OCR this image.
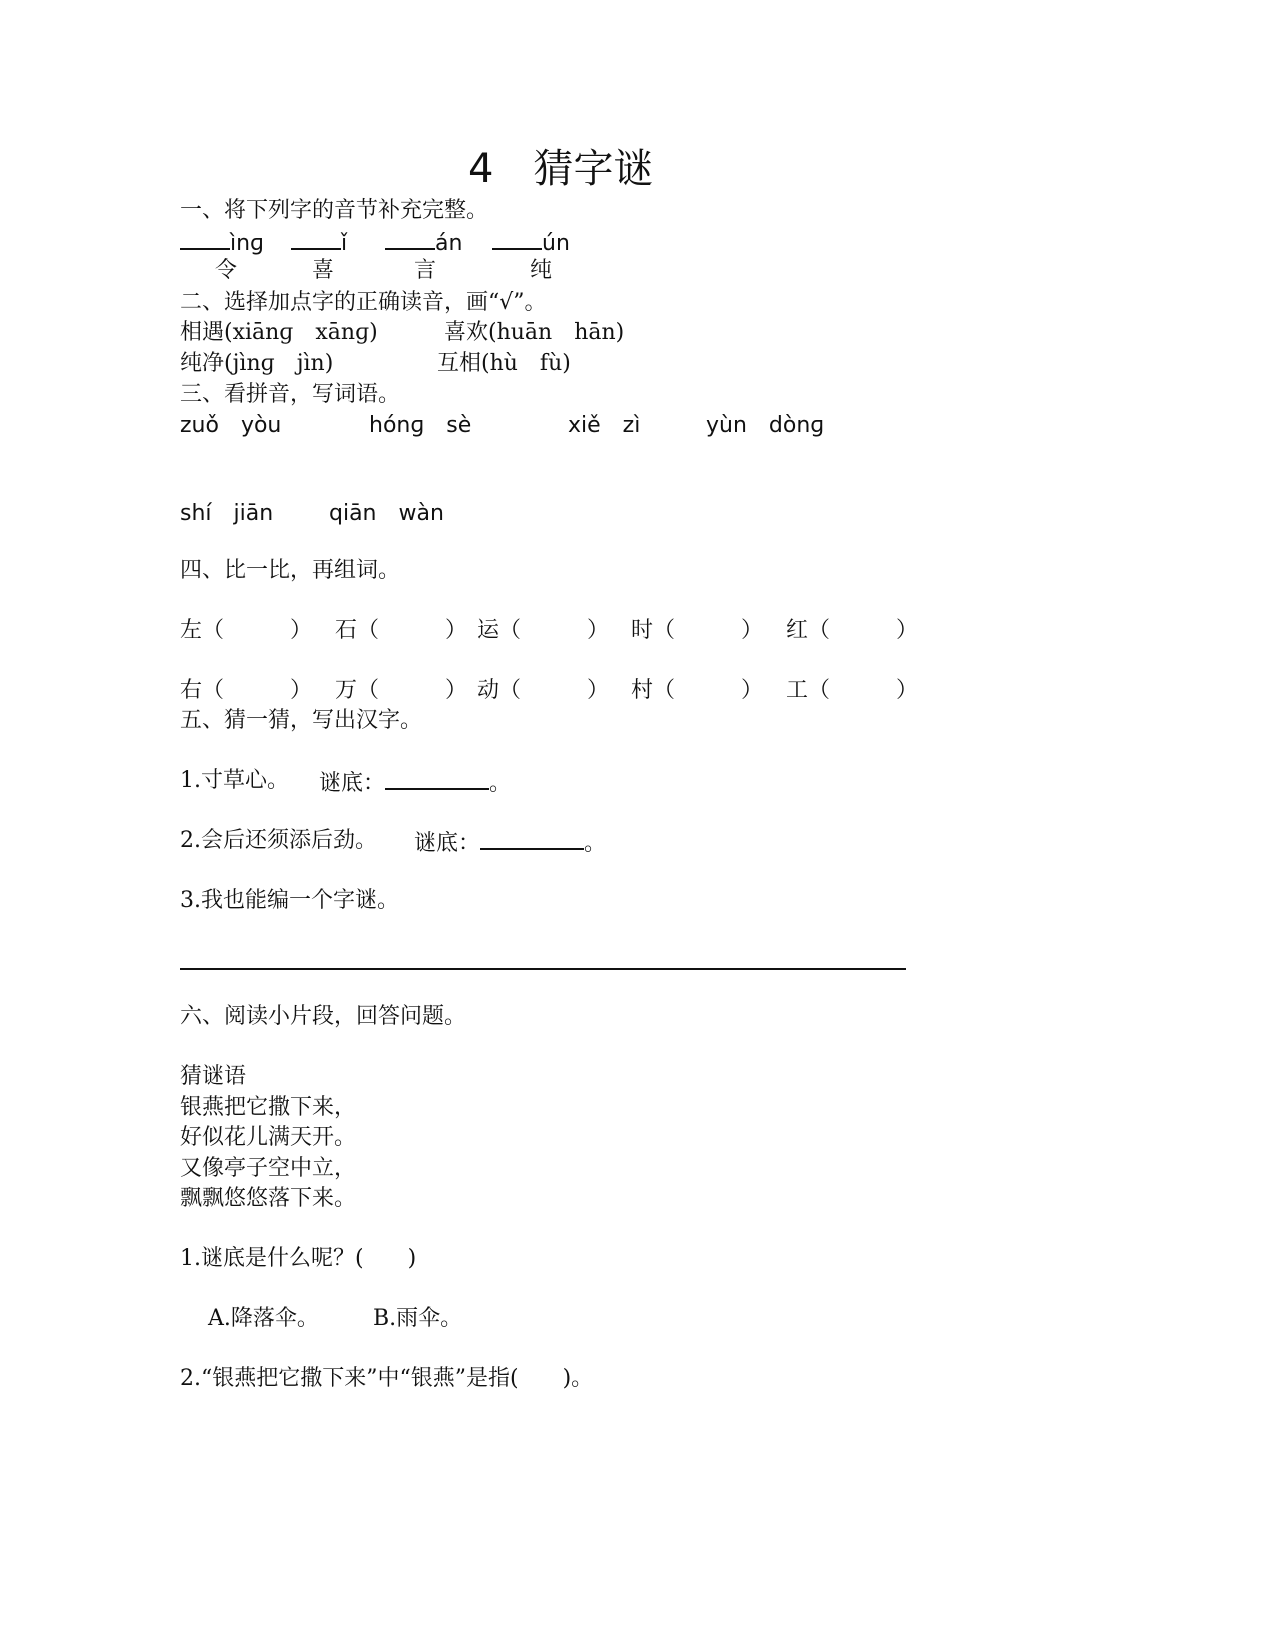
4　猜字谜
一、将下列字的音节补充完整。
ìnɡ	ǐ	án	ún
令	喜	言	纯
二、选择加点字的正确读音，画“√”。
相遇(xiānɡ　xānɡ)	喜欢(huān　hān)
纯净(jìnɡ　jìn)	互相(hù　fù)
三、看拼音，写词语。
zuǒ　yòu	hónɡ　sè	xiě　zì	yùn　dònɡ
shí　jiān	qiān　wàn
四、比一比，再组词。
左（　　　） 石（　　　） 运（　　　） 时（　　　） 红（　　　）
右（　　　） 万（　　　） 动（　　　） 村（　　　） 工（　　　）
五、猜一猜，写出汉字。
1.寸草心。 谜底：	。
2.会后还须添后劲。 谜底：	。
3.我也能编一个字谜。
六、阅读小片段，回答问题。
猜谜语
银燕把它撒下来，
好似花儿满天开。
又像亭子空中立，
飘飘悠悠落下来。
1.谜底是什么呢？(　　)
A.降落伞。 B.雨伞。
2.“银燕把它撒下来”中“银燕”是指(　　)。
